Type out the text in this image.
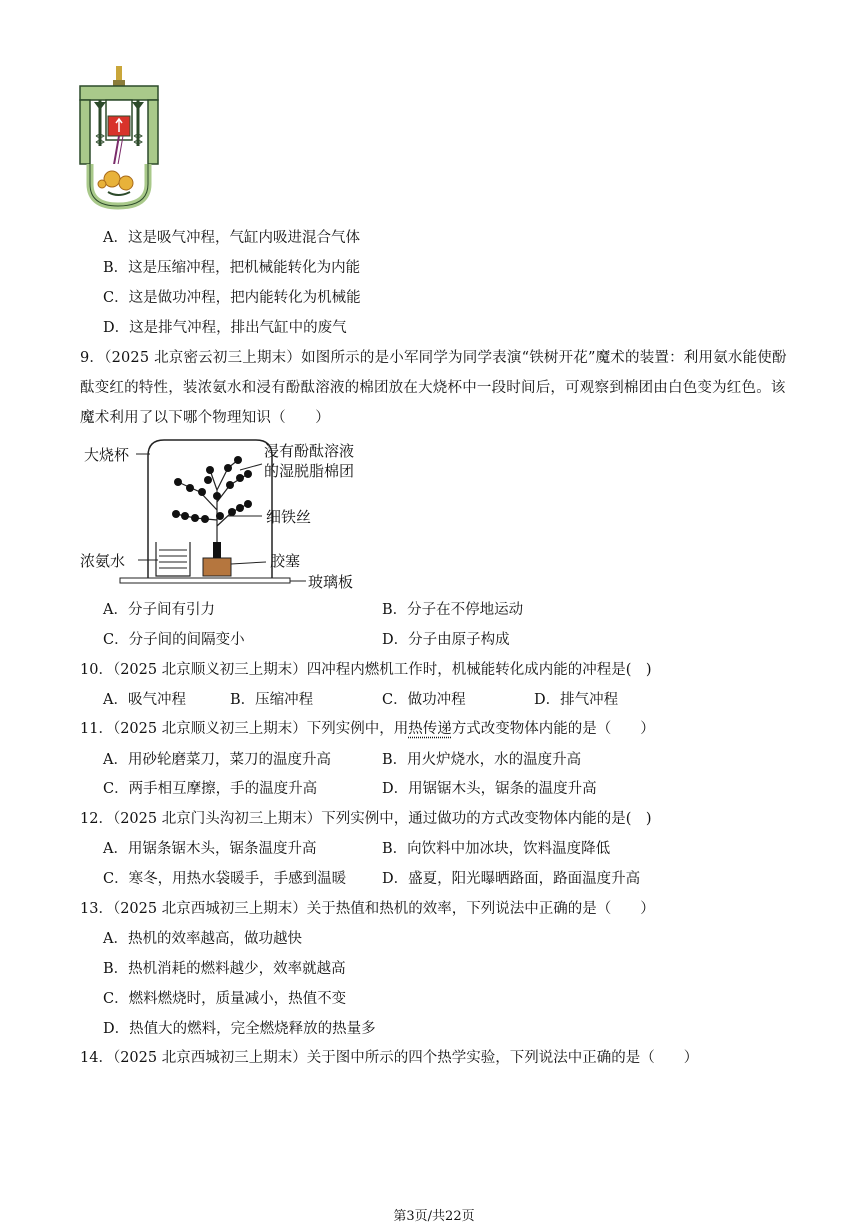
A．这是吸气冲程，气缸内吸进混合气体
B．这是压缩冲程，把机械能转化为内能
C．这是做功冲程，把内能转化为机械能
D．这是排气冲程，排出气缸中的废气
9．（2025 北京密云初三上期末）如图所示的是小军同学为同学表演“铁树开花”魔术的装置：利用氨水能使酚酞变红的特性，装浓氨水和浸有酚酞溶液的棉团放在大烧杯中一段时间后，可观察到棉团由白色变为红色。该魔术利用了以下哪个物理知识（　　）
大烧杯	浸有酚酞溶液
的湿脱脂棉团
细铁丝
浓氨水	胶塞
玻璃板
A．分子间有引力	B．分子在不停地运动
C．分子间的间隔变小	D．分子由原子构成
10．（2025 北京顺义初三上期末）四冲程内燃机工作时，机械能转化成内能的冲程是(　)
A．吸气冲程	B．压缩冲程	C．做功冲程	D．排气冲程
11．（2025 北京顺义初三上期末）下列实例中，用热传递方式改变物体内能的是（　　）
A．用砂轮磨菜刀，菜刀的温度升高	B．用火炉烧水，水的温度升高
C．两手相互摩擦，手的温度升高	D．用锯锯木头，锯条的温度升高
12．（2025 北京门头沟初三上期末）下列实例中，通过做功的方式改变物体内能的是(　)
A．用锯条锯木头，锯条温度升高	B．向饮料中加冰块，饮料温度降低
C．寒冬，用热水袋暖手，手感到温暖 D．盛夏，阳光曝晒路面，路面温度升高
13．（2025 北京西城初三上期末）关于热值和热机的效率，下列说法中正确的是（　　）
A．热机的效率越高，做功越快
B．热机消耗的燃料越少，效率就越高
C．燃料燃烧时，质量减小，热值不变
D．热值大的燃料，完全燃烧释放的热量多
14．（2025 北京西城初三上期末）关于图中所示的四个热学实验，下列说法中正确的是（　　）
第3页/共22页
